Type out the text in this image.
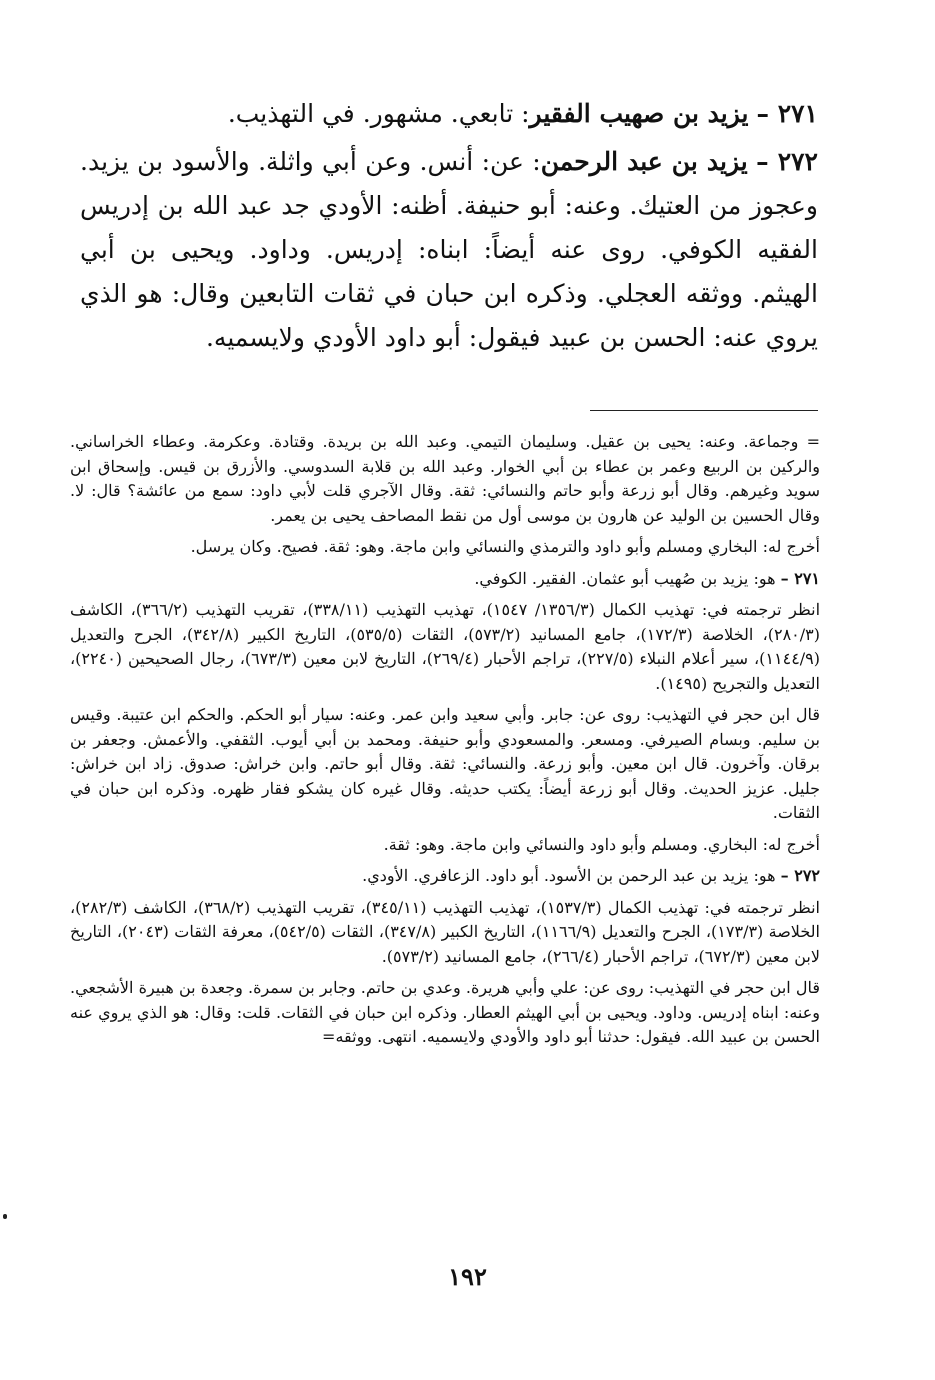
٢٧١ – يزيد بن صهيب الفقير: تابعي. مشهور. في التهذيب.

٢٧٢ – يزيد بن عبد الرحمن: عن: أنس. وعن أبي واثلة. والأسود بن يزيد. وعجوز من العتيك. وعنه: أبو حنيفة. أظنه: الأودي جد عبد الله بن إدريس الفقيه الكوفي. روى عنه أيضاً: ابناه: إدريس. وداود. ويحيى بن أبي الهيثم. ووثقه العجلي. وذكره ابن حبان في ثقات التابعين وقال: هو الذي يروي عنه: الحسن بن عبيد فيقول: أبو داود الأودي ولايسميه.

= وجماعة. وعنه: يحيى بن عقيل. وسليمان التيمي. وعبد الله بن بريدة. وقتادة. وعكرمة. وعطاء الخراساني. والركين بن الربيع وعمر بن عطاء بن أبي الخوار. وعبد الله بن قلابة السدوسي. والأزرق بن قيس. وإسحاق ابن سويد وغيرهم. وقال أبو زرعة وأبو حاتم والنسائي: ثقة. وقال الآجري قلت لأبي داود: سمع من عائشة؟ قال: لا. وقال الحسين بن الوليد عن هارون بن موسى أول من نقط المصاحف يحيى بن يعمر.

أخرج له: البخاري ومسلم وأبو داود والترمذي والنسائي وابن ماجة. وهو: ثقة. فصيح. وكان يرسل.

٢٧١ – هو: يزيد بن صُهيب أبو عثمان. الفقير. الكوفي.

انظر ترجمته في: تهذيب الكمال (١٣٥٦/٣/ ١٥٤٧)، تهذيب التهذيب (٣٣٨/١١)، تقريب التهذيب (٣٦٦/٢)، الكاشف (٢٨٠/٣)، الخلاصة (١٧٢/٣)، جامع المسانيد (٥٧٣/٢)، الثقات (٥٣٥/٥)، التاريخ الكبير (٣٤٢/٨)، الجرح والتعديل (١١٤٤/٩)، سير أعلام النبلاء (٢٢٧/٥)، تراجم الأحبار (٢٦٩/٤)، التاريخ لابن معين (٦٧٣/٣)، رجال الصحيحين (٢٢٤٠)، التعديل والتجريح (١٤٩٥).

قال ابن حجر في التهذيب: روى عن: جابر. وأبي سعيد وابن عمر. وعنه: سيار أبو الحكم. والحكم ابن عتيبة. وقيس بن سليم. وبسام الصيرفي. ومسعر. والمسعودي وأبو حنيفة. ومحمد بن أبي أيوب. الثقفي. والأعمش. وجعفر بن برقان. وآخرون. قال ابن معين. وأبو زرعة. والنسائي: ثقة. وقال أبو حاتم. وابن خراش: صدوق. زاد ابن خراش: جليل. عزيز الحديث. وقال أبو زرعة أيضاً: يكتب حديثه. وقال غيره كان يشكو فقار ظهره. وذكره ابن حبان في الثقات.

أخرج له: البخاري. ومسلم وأبو داود والنسائي وابن ماجة. وهو: ثقة.

٢٧٢ – هو: يزيد بن عبد الرحمن بن الأسود. أبو داود. الزعافري. الأودي.

انظر ترجمته في: تهذيب الكمال (١٥٣٧/٣)، تهذيب التهذيب (٣٤٥/١١)، تقريب التهذيب (٣٦٨/٢)، الكاشف (٢٨٢/٣)، الخلاصة (١٧٣/٣)، الجرح والتعديل (١١٦٦/٩)، التاريخ الكبير (٣٤٧/٨)، الثقات (٥٤٢/٥)، معرفة الثقات (٢٠٤٣)، التاريخ لابن معين (٦٧٢/٣)، تراجم الأحبار (٢٦٦/٤)، جامع المسانيد (٥٧٣/٢).

قال ابن حجر في التهذيب: روى عن: علي وأبي هريرة. وعدي بن حاتم. وجابر بن سمرة. وجعدة بن هبيرة الأشجعي. وعنه: ابناه إدريس. وداود. ويحيى بن أبي الهيثم العطار. وذكره ابن حبان في الثقات. قلت: وقال: هو الذي يروي عنه الحسن بن عبيد الله. فيقول: حدثنا أبو داود والأودي ولايسميه. انتهى. ووثقه=

١٩٢
